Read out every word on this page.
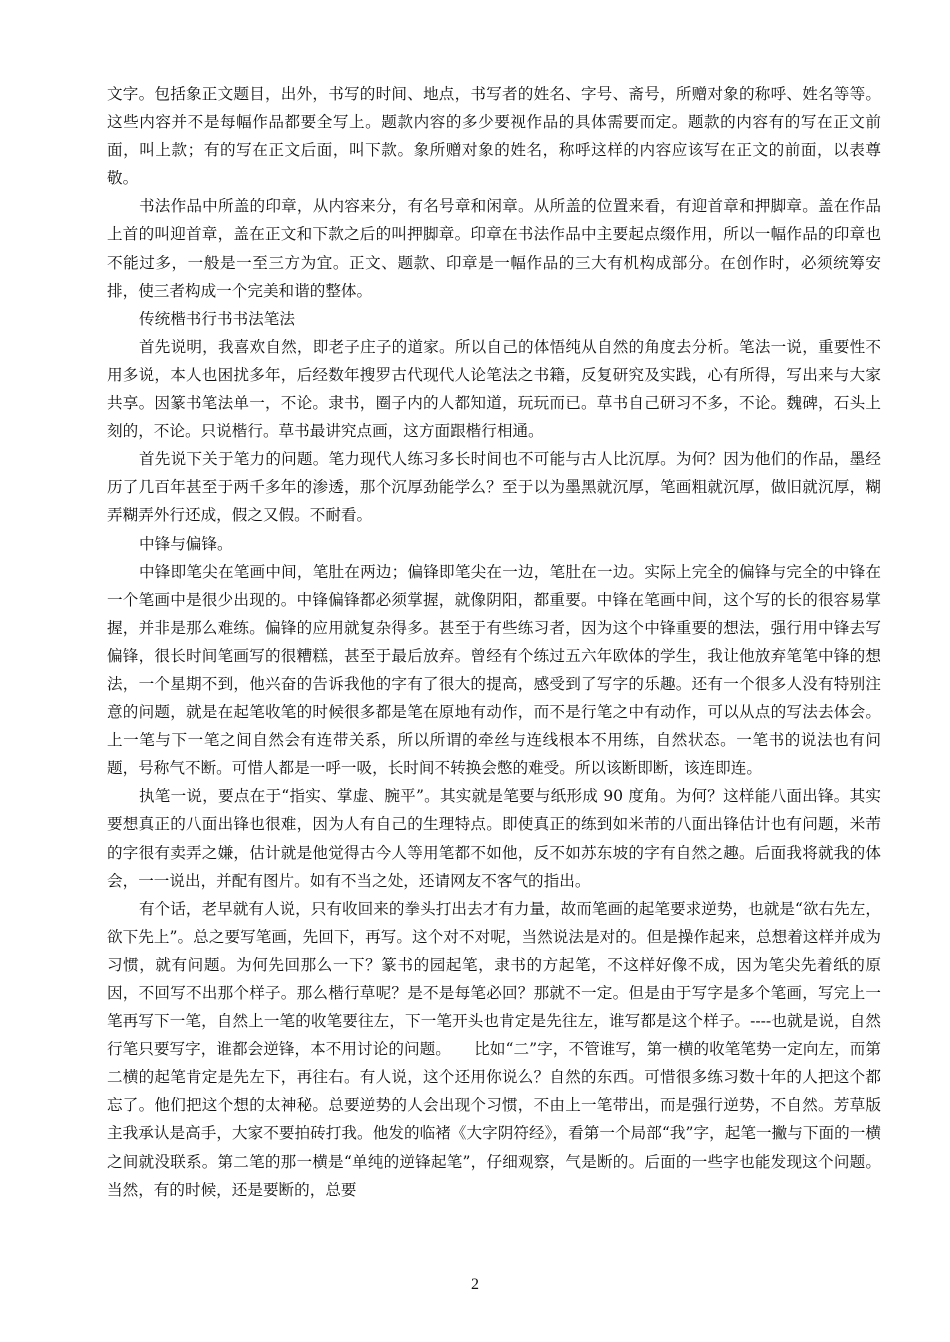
文字。包括象正文题目，出外，书写的时间、地点，书写者的姓名、字号、斋号，所赠对象的称呼、姓名等等。这些内容并不是每幅作品都要全写上。题款内容的多少要视作品的具体需要而定。题款的内容有的写在正文前面，叫上款；有的写在正文后面，叫下款。象所赠对象的姓名，称呼这样的内容应该写在正文的前面，以表尊敬。

书法作品中所盖的印章，从内容来分，有名号章和闲章。从所盖的位置来看，有迎首章和押脚章。盖在作品上首的叫迎首章，盖在正文和下款之后的叫押脚章。印章在书法作品中主要起点缀作用，所以一幅作品的印章也不能过多，一般是一至三方为宜。正文、题款、印章是一幅作品的三大有机构成部分。在创作时，必须统筹安排，使三者构成一个完美和谐的整体。

传统楷书行书书法笔法

首先说明，我喜欢自然，即老子庄子的道家。所以自己的体悟纯从自然的角度去分析。笔法一说，重要性不用多说，本人也困扰多年，后经数年搜罗古代现代人论笔法之书籍，反复研究及实践，心有所得，写出来与大家共享。因篆书笔法单一，不论。隶书，圈子内的人都知道，玩玩而已。草书自己研习不多，不论。魏碑，石头上刻的，不论。只说楷行。草书最讲究点画，这方面跟楷行相通。

首先说下关于笔力的问题。笔力现代人练习多长时间也不可能与古人比沉厚。为何？因为他们的作品，墨经历了几百年甚至于两千多年的渗透，那个沉厚劲能学么？至于以为墨黑就沉厚，笔画粗就沉厚，做旧就沉厚，糊弄糊弄外行还成，假之又假。不耐看。

中锋与偏锋。

中锋即笔尖在笔画中间，笔肚在两边；偏锋即笔尖在一边，笔肚在一边。实际上完全的偏锋与完全的中锋在一个笔画中是很少出现的。中锋偏锋都必须掌握，就像阴阳，都重要。中锋在笔画中间，这个写的长的很容易掌握，并非是那么难练。偏锋的应用就复杂得多。甚至于有些练习者，因为这个中锋重要的想法，强行用中锋去写偏锋，很长时间笔画写的很糟糕，甚至于最后放弃。曾经有个练过五六年欧体的学生，我让他放弃笔笔中锋的想法，一个星期不到，他兴奋的告诉我他的字有了很大的提高，感受到了写字的乐趣。还有一个很多人没有特别注意的问题，就是在起笔收笔的时候很多都是笔在原地有动作，而不是行笔之中有动作，可以从点的写法去体会。上一笔与下一笔之间自然会有连带关系，所以所谓的牵丝与连线根本不用练，自然状态。一笔书的说法也有问题，号称气不断。可惜人都是一呼一吸，长时间不转换会憋的难受。所以该断即断，该连即连。

执笔一说，要点在于“指实、掌虚、腕平”。其实就是笔要与纸形成 90 度角。为何？这样能八面出锋。其实要想真正的八面出锋也很难，因为人有自己的生理特点。即使真正的练到如米芾的八面出锋估计也有问题，米芾的字很有卖弄之嫌，估计就是他觉得古今人等用笔都不如他，反不如苏东坡的字有自然之趣。后面我将就我的体会，一一说出，并配有图片。如有不当之处，还请网友不客气的指出。

有个话，老早就有人说，只有收回来的拳头打出去才有力量，故而笔画的起笔要求逆势，也就是“欲右先左，欲下先上”。总之要写笔画，先回下，再写。这个对不对呢，当然说法是对的。但是操作起来，总想着这样并成为习惯，就有问题。为何先回那么一下？篆书的园起笔，隶书的方起笔，不这样好像不成，因为笔尖先着纸的原因，不回写不出那个样子。那么楷行草呢？是不是每笔必回？那就不一定。但是由于写字是多个笔画，写完上一笔再写下一笔，自然上一笔的收笔要往左，下一笔开头也肯定是先往左，谁写都是这个样子。----也就是说，自然行笔只要写字，谁都会逆锋，本不用讨论的问题。　　比如“二”字，不管谁写，第一横的收笔笔势一定向左，而第二横的起笔肯定是先左下，再往右。有人说，这个还用你说么？自然的东西。可惜很多练习数十年的人把这个都忘了。他们把这个想的太神秘。总要逆势的人会出现个习惯，不由上一笔带出，而是强行逆势，不自然。芳草版主我承认是高手，大家不要拍砖打我。他发的临褚《大字阴符经》，看第一个局部“我”字，起笔一撇与下面的一横之间就没联系。第二笔的那一横是“单纯的逆锋起笔”，仔细观察，气是断的。后面的一些字也能发现这个问题。当然，有的时候，还是要断的，总要

2
